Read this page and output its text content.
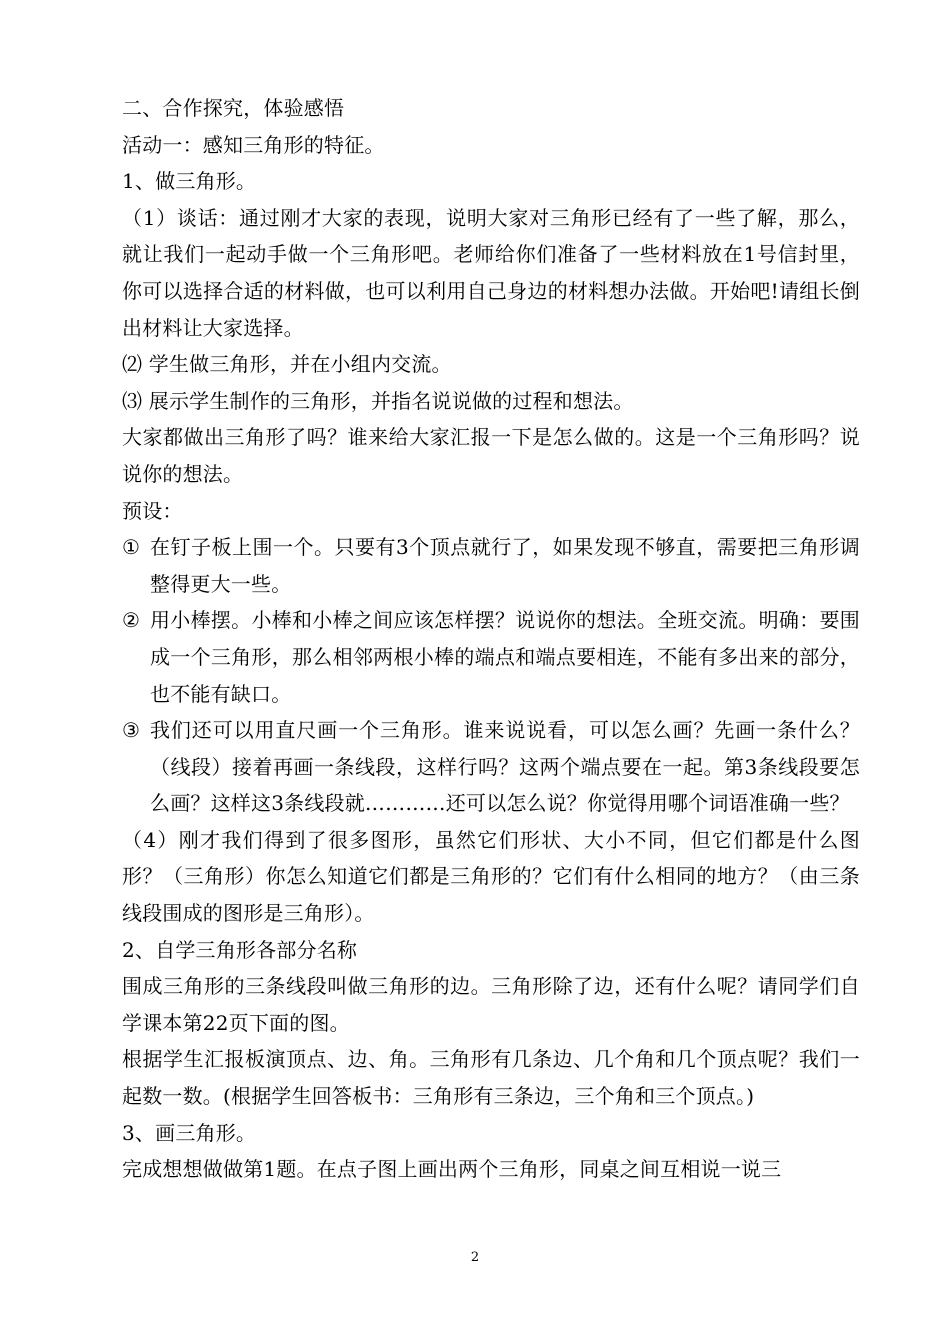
二、合作探究，体验感悟

活动一：感知三角形的特征。

1、做三角形。

（1）谈话：通过刚才大家的表现，说明大家对三角形已经有了一些了解，那么，就让我们一起动手做一个三角形吧。老师给你们准备了一些材料放在1号信封里，你可以选择合适的材料做，也可以利用自己身边的材料想办法做。开始吧!请组长倒出材料让大家选择。

⑵ 学生做三角形，并在小组内交流。

⑶ 展示学生制作的三角形，并指名说说做的过程和想法。

大家都做出三角形了吗？谁来给大家汇报一下是怎么做的。这是一个三角形吗？说说你的想法。

预设：

① 在钉子板上围一个。只要有3个顶点就行了，如果发现不够直，需要把三角形调整得更大一些。
② 用小棒摆。小棒和小棒之间应该怎样摆？说说你的想法。全班交流。明确：要围成一个三角形，那么相邻两根小棒的端点和端点要相连，不能有多出来的部分，也不能有缺口。
③ 我们还可以用直尺画一个三角形。谁来说说看，可以怎么画？先画一条什么？（线段）接着再画一条线段，这样行吗？这两个端点要在一起。第3条线段要怎么画？这样这3条线段就…………还可以怎么说？你觉得用哪个词语准确一些？

（4）刚才我们得到了很多图形，虽然它们形状、大小不同，但它们都是什么图形？（三角形）你怎么知道它们都是三角形的？它们有什么相同的地方？（由三条线段围成的图形是三角形）。

2、自学三角形各部分名称

围成三角形的三条线段叫做三角形的边。三角形除了边，还有什么呢？请同学们自学课本第22页下面的图。

根据学生汇报板演顶点、边、角。三角形有几条边、几个角和几个顶点呢？我们一起数一数。(根据学生回答板书：三角形有三条边，三个角和三个顶点。)

3、画三角形。

完成想想做做第1题。在点子图上画出两个三角形，同桌之间互相说一说三

2
